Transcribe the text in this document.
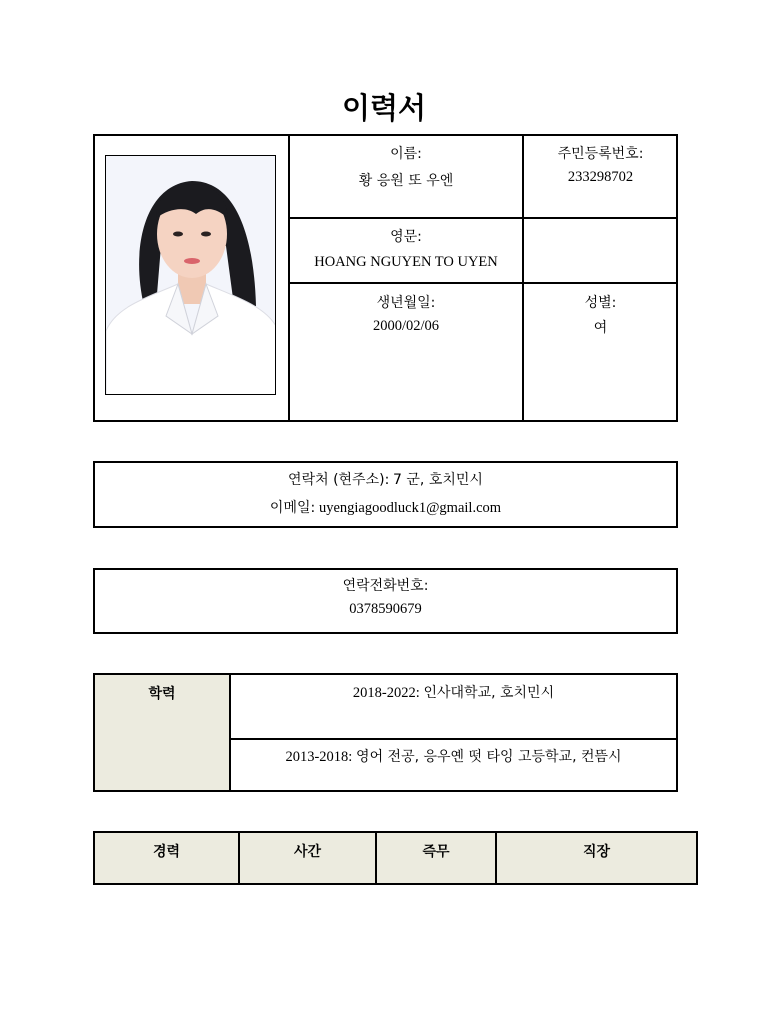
이력서
이름:
황 응원 또 우엔
주민등록번호:
233298702
영문:
HOANG NGUYEN TO UYEN
생년월일:
2000/02/06
성별:
여
연락처 (현주소): 7 군, 호치민시
이메일: uyengiagoodluck1@gmail.com
연락전화번호:
0378590679
학력	2018-2022: 인사대학교, 호치민시
2013-2018: 영어 전공, 응우옌 떳 타잉 고등학교, 컨뜸시
경력	사간	즉무	직장
